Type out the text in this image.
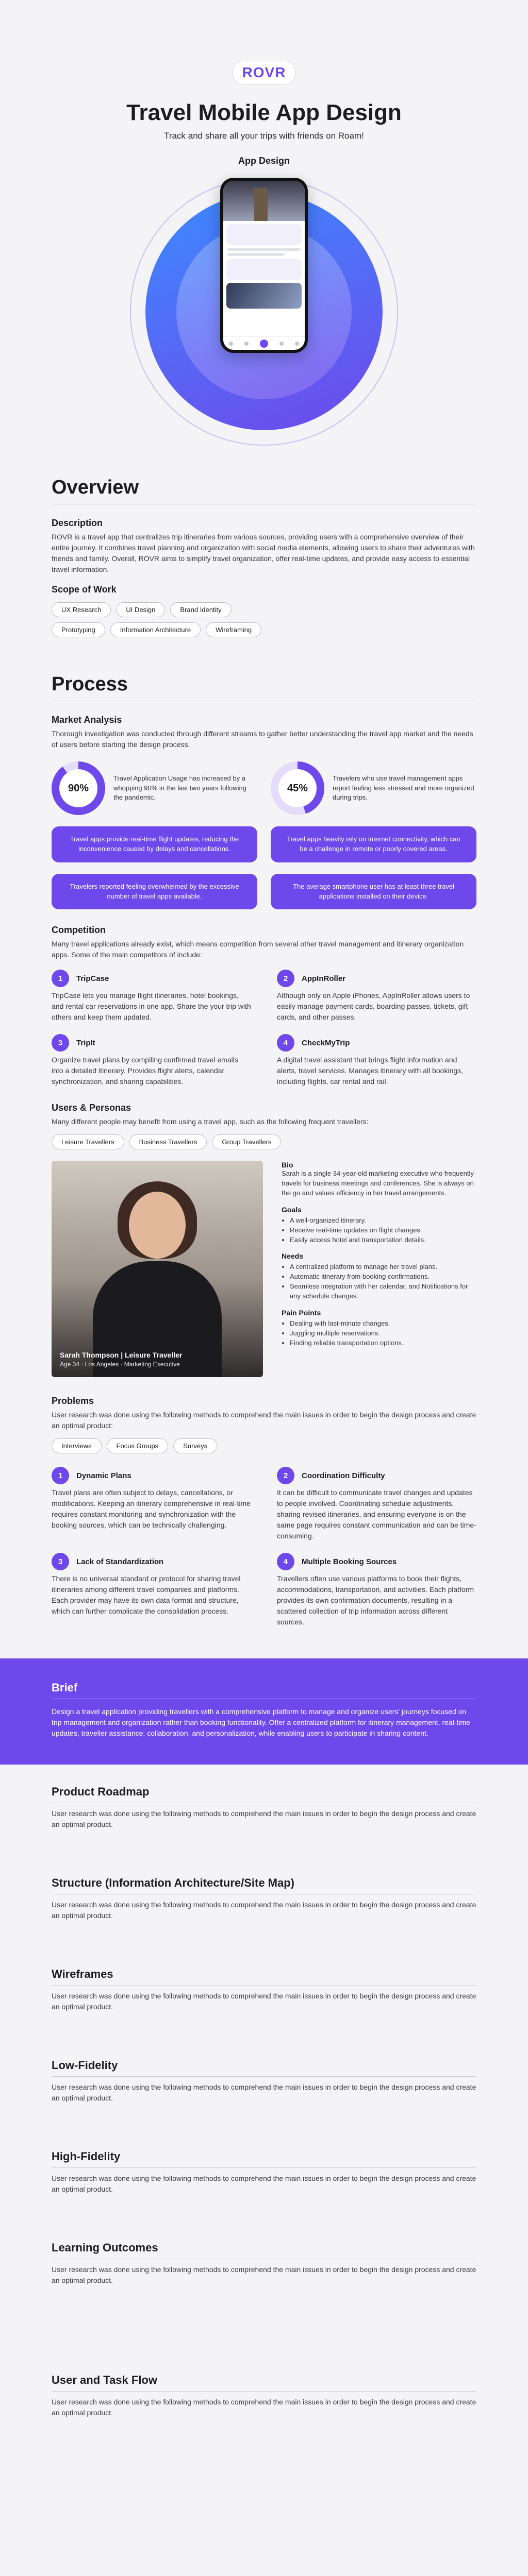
ROVR
Travel Mobile App Design
Track and share all your trips with friends on Roam!
App Design
Overview
Description

ROVR is a travel app that centralizes trip itineraries from various sources, providing users with a comprehensive overview of their entire journey. It combines travel planning and organization with social media elements, allowing users to share their adventures with friends and family. Overall, ROVR aims to simplify travel organization, offer real-time updates, and provide easy access to essential travel information.

Scope of Work
UX Research	UI Design	Brand Identity
Prototyping	Information Architecture	Wireframing
Process
Market Analysis

Thorough investigation was conducted through different streams to gather better understanding the travel app market and the needs of users before starting the design process.

90%
Travel Application Usage has increased by a whopping 90% in the last two years following the pandemic.
45%
Travelers who use travel management apps report feeling less stressed and more organized during trips.
Travel apps provide real-time flight updates, reducing the inconvenience caused by delays and cancellations.
Travel apps heavily rely on internet connectivity, which can be a challenge in remote or poorly covered areas.
Travelers reported feeling overwhelmed by the excessive number of travel apps available.
The average smartphone user has at least three travel applications installed on their device.
Competition

Many travel applications already exist, which means competition from several other travel management and itinerary organization apps. Some of the main competitors of include:

1	TripCase

TripCase lets you manage flight itineraries, hotel bookings, and rental car reservations in one app. Share the your trip with others and keep them updated.

2	AppInRoller

Although only on Apple iPhones, AppInRoller allows users to easily manage payment cards, boarding passes, tickets, gift cards, and other passes.

3	TripIt

Organize travel plans by compiling confirmed travel emails into a detailed itinerary. Provides flight alerts, calendar synchronization, and sharing capabilities.

4	CheckMyTrip

A digital travel assistant that brings flight information and alerts, travel services. Manages itinerary with all bookings, including flights, car rental and rail.

Users & Personas

Many different people may benefit from using a travel app, such as the following frequent travellers:

Leisure Travellers	Business Travellers	Group Travellers
Sarah Thompson | Leisure Traveller
Age 34 · Los Angeles · Marketing Executive
Bio

Sarah is a single 34-year-old marketing executive who frequently travels for business meetings and conferences. She is always on the go and values efficiency in her travel arrangements.

Goals
• A well-organized itinerary.
• Receive real-time updates on flight changes.
• Easily access hotel and transportation details.
Needs
• A centralized platform to manage her travel plans.
• Automatic itinerary from booking confirmations.
• Seamless integration with her calendar, and Notifications for any schedule changes.
Pain Points
• Dealing with last-minute changes.
• Juggling multiple reservations.
• Finding reliable transportation options.
Problems

User research was done using the following methods to comprehend the main issues in order to begin the design process and create an optimal product:

Interviews	Focus Groups	Surveys
1	Dynamic Plans

Travel plans are often subject to delays, cancellations, or modifications. Keeping an itinerary comprehensive in real-time requires constant monitoring and synchronization with the booking sources, which can be technically challenging.

2	Coordination Difficulty

It can be difficult to communicate travel changes and updates to people involved. Coordinating schedule adjustments, sharing revised itineraries, and ensuring everyone is on the same page requires constant communication and can be time-consuming.

3	Lack of Standardization

There is no universal standard or protocol for sharing travel itineraries among different travel companies and platforms. Each provider may have its own data format and structure, which can further complicate the consolidation process.

4	Multiple Booking Sources

Travellers often use various platforms to book their flights, accommodations, transportation, and activities. Each platform provides its own confirmation documents, resulting in a scattered collection of trip information across different sources.

Brief

Design a travel application providing travellers with a comprehensive platform to manage and organize users' journeys focused on trip management and organization rather than booking functionality. Offer a centralized platform for itinerary management, real-time updates, traveller assistance, collaboration, and personalization, while enabling users to participate in sharing content.

Product Roadmap

User research was done using the following methods to comprehend the main issues in order to begin the design process and create an optimal product.

Structure (Information Architecture/Site Map)

User research was done using the following methods to comprehend the main issues in order to begin the design process and create an optimal product.

Wireframes

User research was done using the following methods to comprehend the main issues in order to begin the design process and create an optimal product.

Low-Fidelity

User research was done using the following methods to comprehend the main issues in order to begin the design process and create an optimal product.

High-Fidelity

User research was done using the following methods to comprehend the main issues in order to begin the design process and create an optimal product.

Learning Outcomes

User research was done using the following methods to comprehend the main issues in order to begin the design process and create an optimal product.

User and Task Flow

User research was done using the following methods to comprehend the main issues in order to begin the design process and create an optimal product.
